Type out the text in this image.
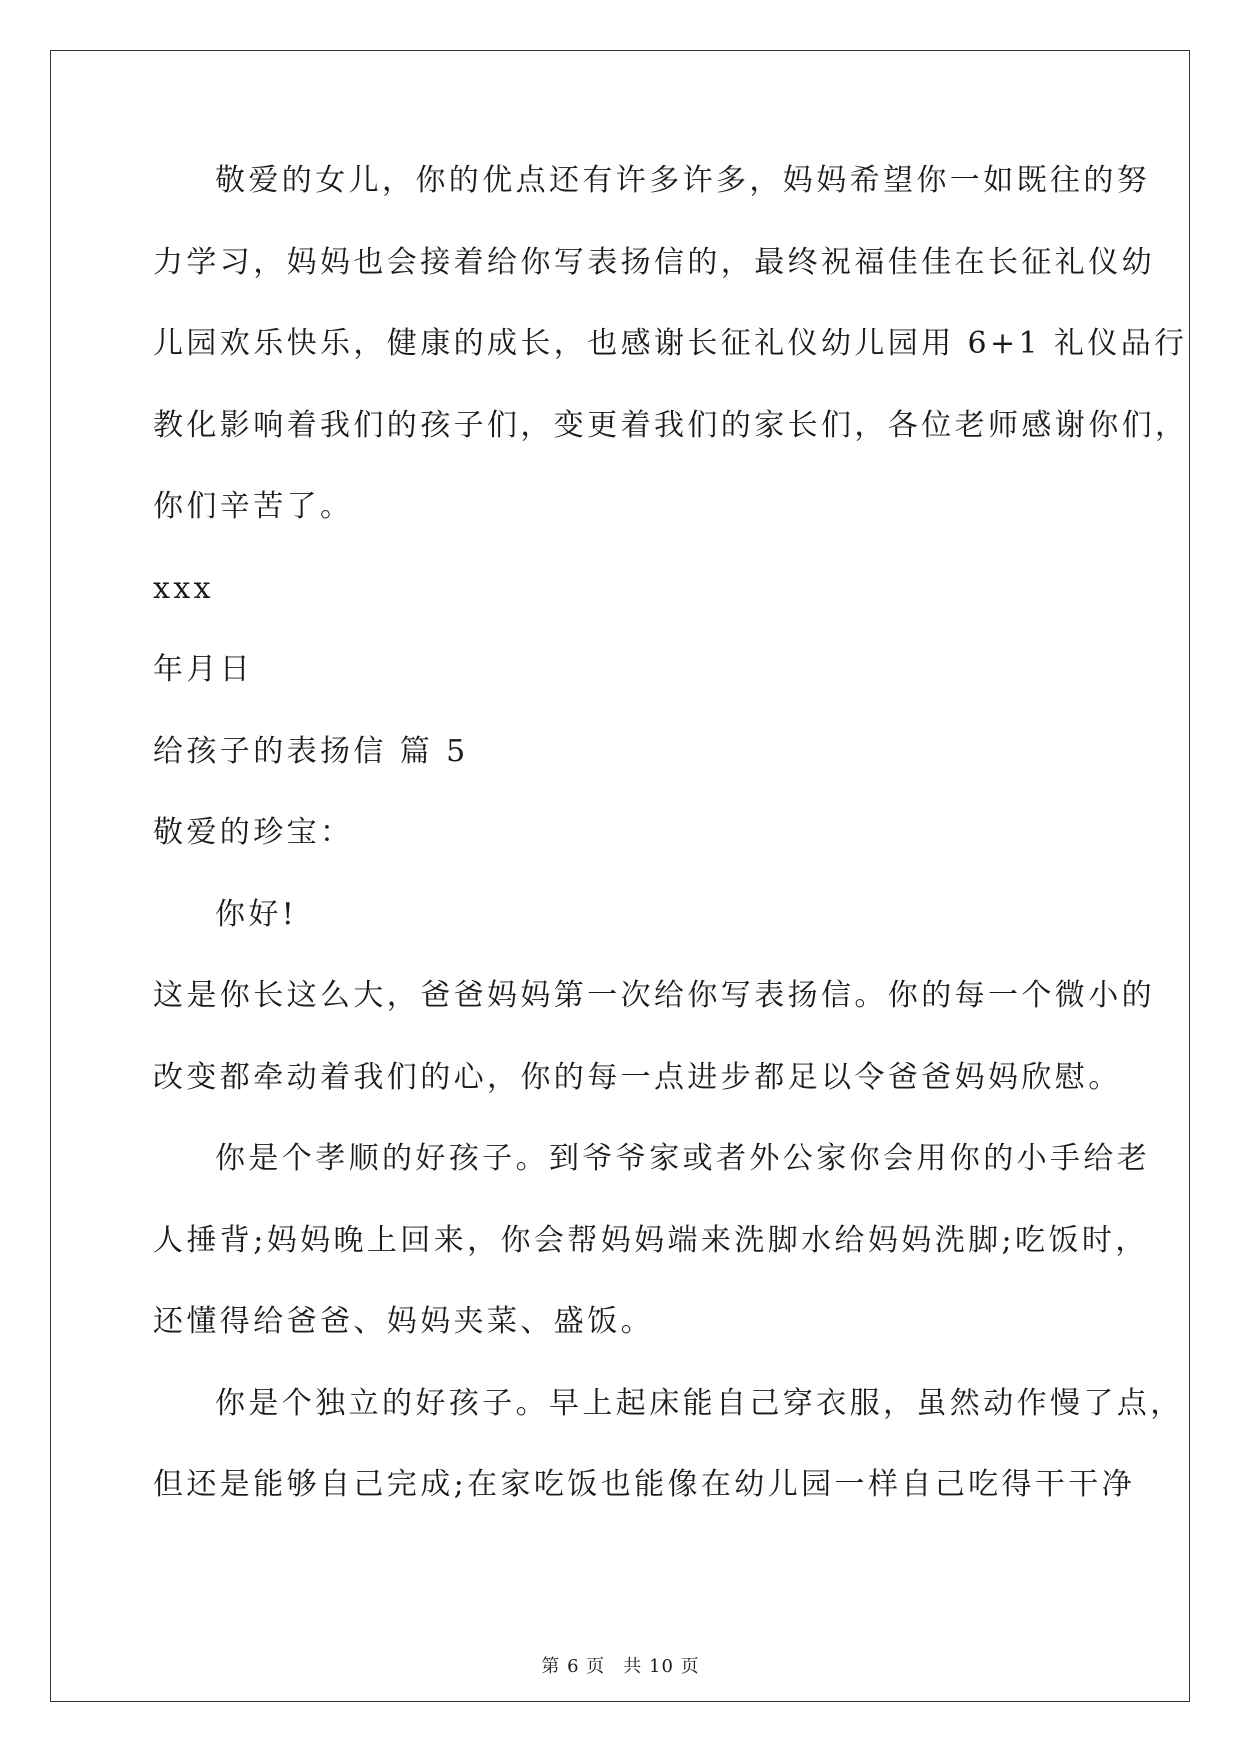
敬爱的女儿，你的优点还有许多许多，妈妈希望你一如既往的努

力学习，妈妈也会接着给你写表扬信的，最终祝福佳佳在长征礼仪幼

儿园欢乐快乐，健康的成长，也感谢长征礼仪幼儿园用 6+1 礼仪品行

教化影响着我们的孩子们，变更着我们的家长们，各位老师感谢你们，

你们辛苦了。

xxx

年月日

给孩子的表扬信 篇 5

敬爱的珍宝：

你好!

这是你长这么大，爸爸妈妈第一次给你写表扬信。你的每一个微小的

改变都牵动着我们的心，你的每一点进步都足以令爸爸妈妈欣慰。

你是个孝顺的好孩子。到爷爷家或者外公家你会用你的小手给老

人捶背;妈妈晚上回来，你会帮妈妈端来洗脚水给妈妈洗脚;吃饭时，

还懂得给爸爸、妈妈夹菜、盛饭。

你是个独立的好孩子。早上起床能自己穿衣服，虽然动作慢了点，

但还是能够自己完成;在家吃饭也能像在幼儿园一样自己吃得干干净

第 6 页 共 10 页
